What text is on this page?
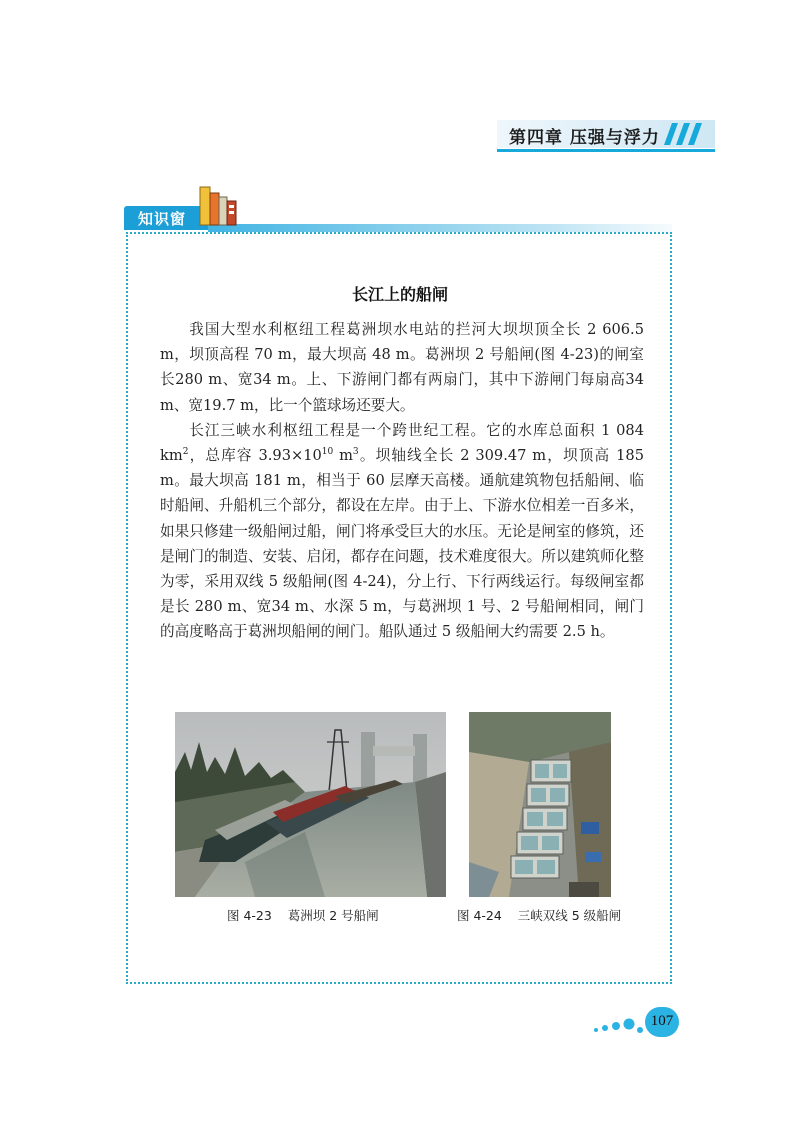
第四章 压强与浮力
知识窗
长江上的船闸

我国大型水利枢纽工程葛洲坝水电站的拦河大坝坝顶全长 2 606.5 m，坝顶高程 70 m，最大坝高 48 m。葛洲坝 2 号船闸(图 4-23)的闸室长280 m、宽34 m。上、下游闸门都有两扇门，其中下游闸门每扇高34 m、宽19.7 m，比一个篮球场还要大。

长江三峡水利枢纽工程是一个跨世纪工程。它的水库总面积 1 084 $km^2$，总库容 $3.93\times 10^{10}$ $m^3$。坝轴线全长 2 309.47 m，坝顶高 185 m。最大坝高 181 m，相当于 60 层摩天高楼。通航建筑物包括船闸、临时船闸、升船机三个部分，都设在左岸。由于上、下游水位相差一百多米，如果只修建一级船闸过船，闸门将承受巨大的水压。无论是闸室的修筑，还是闸门的制造、安装、启闭，都存在问题，技术难度很大。所以建筑师化整为零，采用双线 5 级船闸(图 4-24)，分上行、下行两线运行。每级闸室都是长 280 m、宽34 m、水深 5 m，与葛洲坝 1 号、2 号船闸相同，闸门的高度略高于葛洲坝船闸的闸门。船队通过 5 级船闸大约需要 2.5 h。

图 4-23    葛洲坝 2 号船闸	图 4-24    三峡双线 5 级船闸
107
